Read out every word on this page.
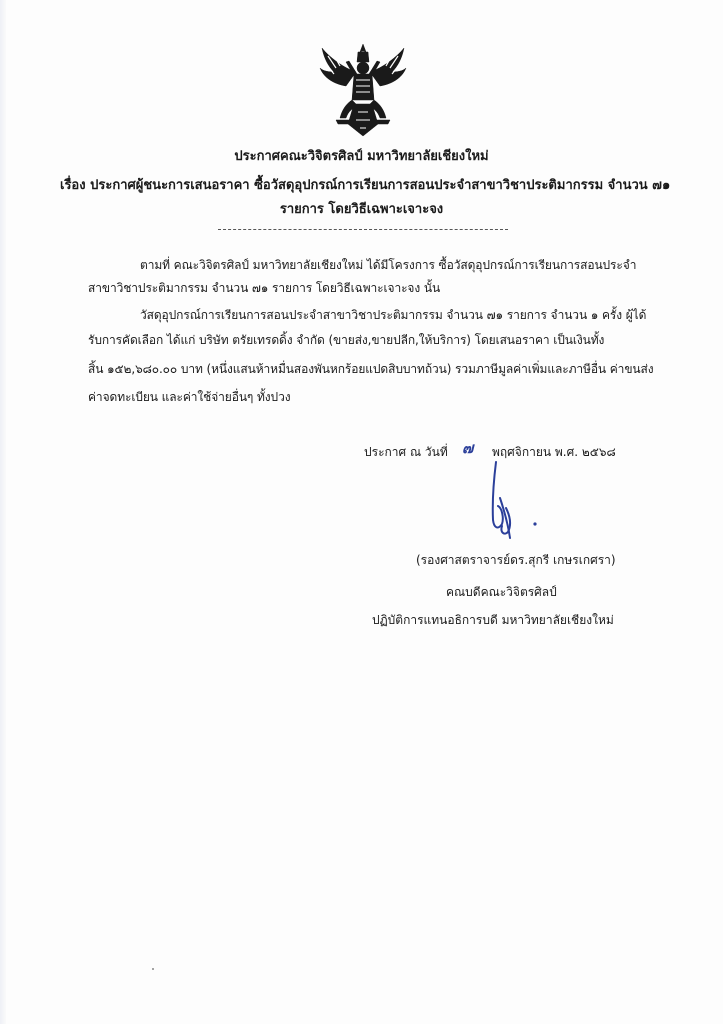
ประกาศคณะวิจิตรศิลป์ มหาวิทยาลัยเชียงใหม่
เรื่อง ประกาศผู้ชนะการเสนอราคา ซื้อวัสดุอุปกรณ์การเรียนการสอนประจำสาขาวิชาประติมากรรม จำนวน ๗๑
รายการ โดยวิธีเฉพาะเจาะจง
ตามที่ คณะวิจิตรศิลป์ มหาวิทยาลัยเชียงใหม่ ได้มีโครงการ ซื้อวัสดุอุปกรณ์การเรียนการสอนประจำ
สาขาวิชาประติมากรรม จำนวน ๗๑ รายการ โดยวิธีเฉพาะเจาะจง นั้น
วัสดุอุปกรณ์การเรียนการสอนประจำสาขาวิชาประติมากรรม จำนวน ๗๑ รายการ จำนวน ๑ ครั้ง ผู้ได้
รับการคัดเลือก ได้แก่ บริษัท ตรัยเทรดดิ้ง จำกัด (ขายส่ง,ขายปลีก,ให้บริการ) โดยเสนอราคา เป็นเงินทั้ง
สิ้น ๑๕๒,๖๘๐.๐๐ บาท (หนึ่งแสนห้าหมื่นสองพันหกร้อยแปดสิบบาทถ้วน) รวมภาษีมูลค่าเพิ่มและภาษีอื่น ค่าขนส่ง
ค่าจดทะเบียน และค่าใช้จ่ายอื่นๆ ทั้งปวง
ประกาศ ณ วันที่ ๗ พฤศจิกายน พ.ศ. ๒๕๖๘
(รองศาสตราจารย์ดร.สุกรี เกษรเกศรา)
คณบดีคณะวิจิตรศิลป์
ปฏิบัติการแทนอธิการบดี มหาวิทยาลัยเชียงใหม่
